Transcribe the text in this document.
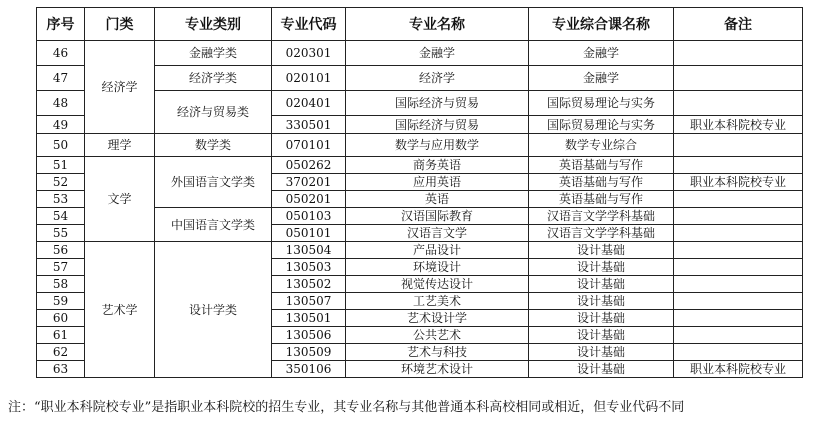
序号	门类	专业类别	专业代码	专业名称	专业综合课名称	备注
46	经济学	金融学类	020301	金融学	金融学	
47		经济学类	020101	经济学	金融学	
48		经济与贸易类	020401	国际经济与贸易	国际贸易理论与实务	
49			330501	国际经济与贸易	国际贸易理论与实务	职业本科院校专业
50	理学	数学类	070101	数学与应用数学	数学专业综合	
51	文学	外国语言文学类	050262	商务英语	英语基础与写作	
52			370201	应用英语	英语基础与写作	职业本科院校专业
53			050201	英语	英语基础与写作	
54		中国语言文学类	050103	汉语国际教育	汉语言文学学科基础	
55			050101	汉语言文学	汉语言文学学科基础	
56	艺术学	设计学类	130504	产品设计	设计基础	
57			130503	环境设计	设计基础	
58			130502	视觉传达设计	设计基础	
59			130507	工艺美术	设计基础	
60			130501	艺术设计学	设计基础	
61			130506	公共艺术	设计基础	
62			130509	艺术与科技	设计基础	
63			350106	环境艺术设计	设计基础	职业本科院校专业
注：“职业本科院校专业”是指职业本科院校的招生专业，其专业名称与其他普通本科高校相同或相近，但专业代码不同
